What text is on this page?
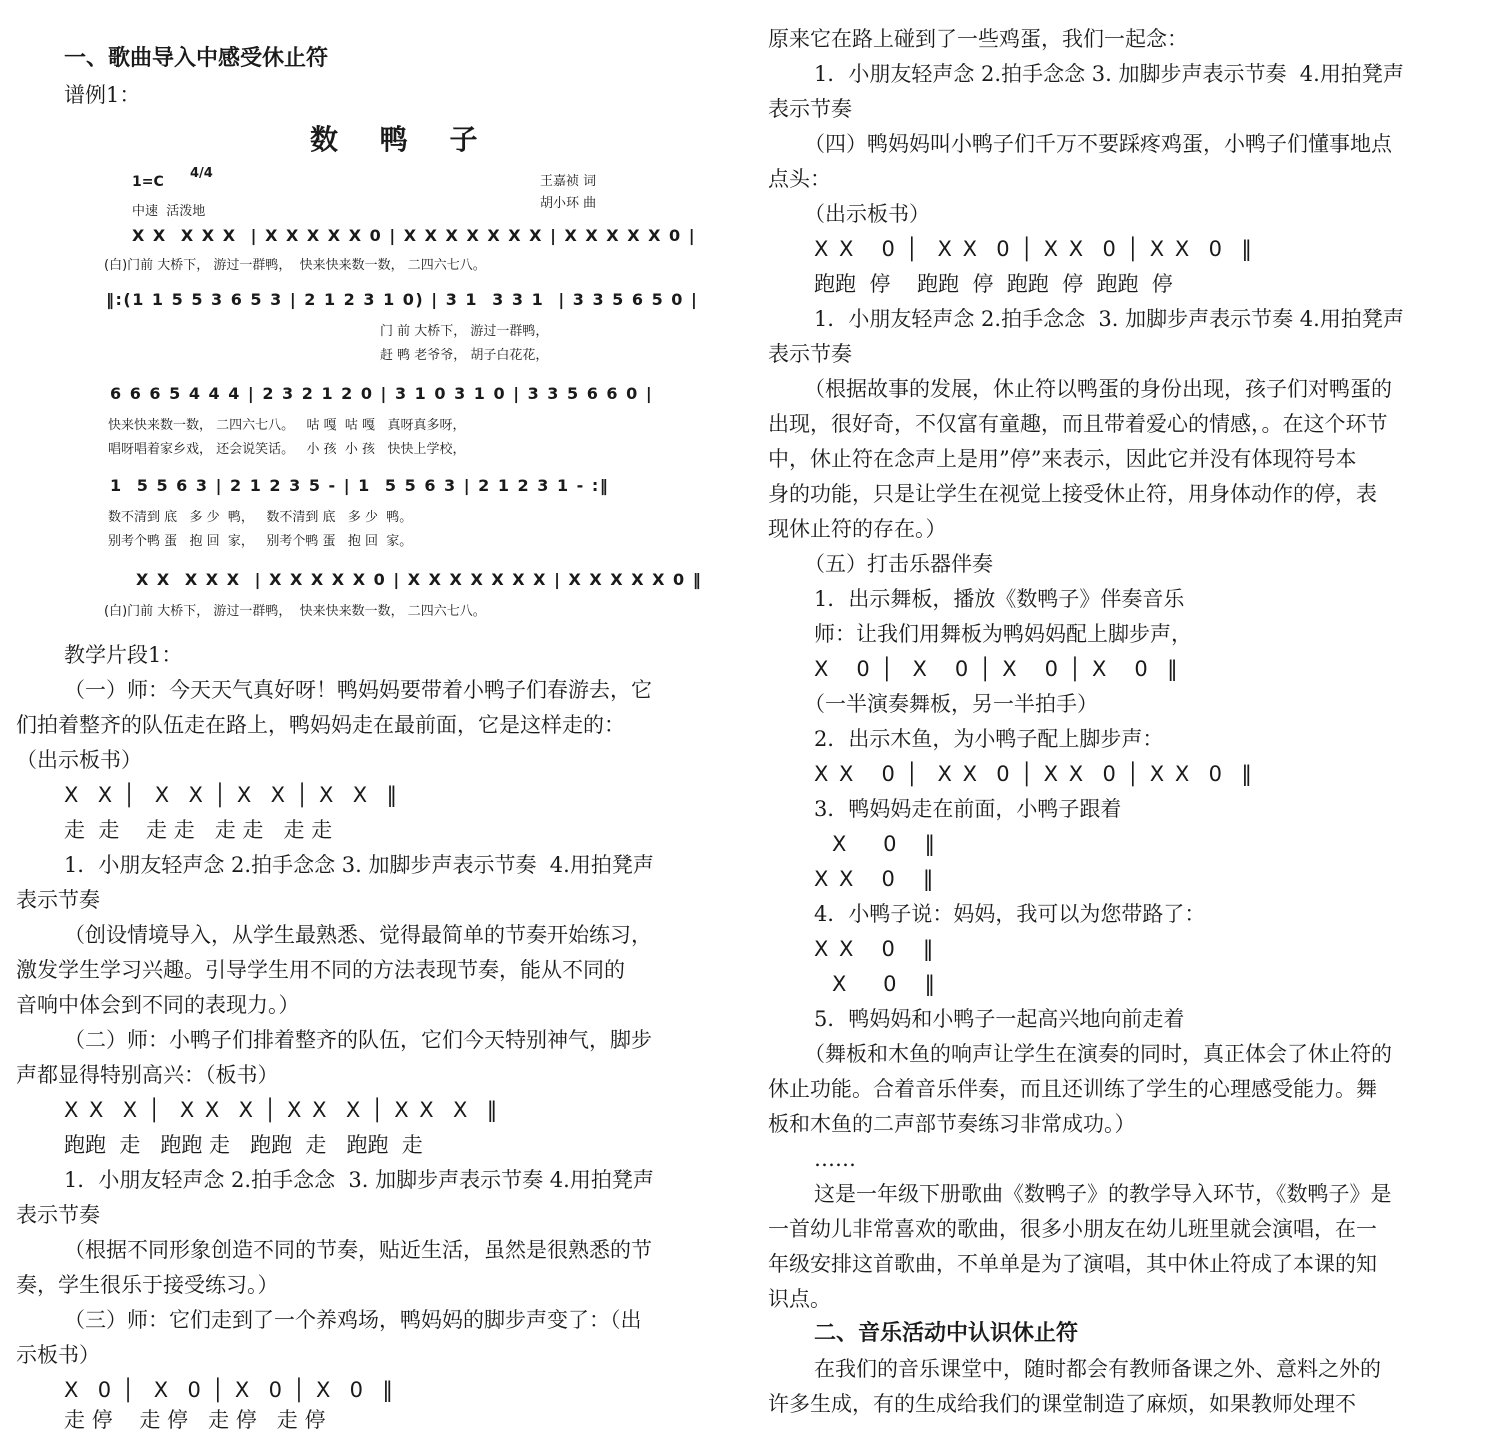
一、歌曲导入中感受休止符
谱例1：
数 鸭 子
1=C
4/4
中速  活泼地
王嘉祯 词
胡小环 曲
X X  X X X  | X X X X X 0 | X X X X X X X | X X X X X 0 |
(白)门前 大桥下， 游过一群鸭，  快来快来数一数， 二四六七八。
‖:(1 1 5 5 3 6 5 3 | 2 1 2 3 1 0) | 3 1  3 3 1  | 3 3 5 6 5 0 |
门 前 大桥下， 游过一群鸭，
赶 鸭 老爷爷， 胡子白花花，
6 6 6 5 4 4 4 | 2 3 2 1 2 0 | 3 1 0 3 1 0 | 3 3 5 6 6 0 |
快来快来数一数， 二四六七八。   咕 嘎  咕 嘎   真呀真多呀，
唱呀唱着家乡戏， 还会说笑话。   小 孩  小 孩   快快上学校，
1  5 5 6 3 | 2 1 2 3 5 - | 1  5 5 6 3 | 2 1 2 3 1 - :‖
数不清到 底   多 少  鸭，   数不清到 底   多 少  鸭。
别考个鸭 蛋   抱 回  家，   别考个鸭 蛋   抱 回  家。
X X  X X X  | X X X X X 0 | X X X X X X X | X X X X X 0 ‖
(白)门前 大桥下， 游过一群鸭，  快来快来数一数， 二四六七八。
教学片段1：
（一）师：今天天气真好呀！鸭妈妈要带着小鸭子们春游去，它
们拍着整齐的队伍走在路上，鸭妈妈走在最前面，它是这样走的：
（出示板书）
X  X │  X  X │ X  X │ X  X  ‖
走  走    走 走   走 走   走 走
1．小朋友轻声念 2.拍手念念 3. 加脚步声表示节奏  4.用拍凳声
表示节奏
（创设情境导入，从学生最熟悉、觉得最简单的节奏开始练习，
激发学生学习兴趣。引导学生用不同的方法表现节奏，能从不同的
音响中体会到不同的表现力。）
（二）师：小鸭子们排着整齐的队伍，它们今天特别神气，脚步
声都显得特别高兴：（板书）
X X  X │  X X  X │ X X  X │ X X  X  ‖
跑跑  走   跑跑 走   跑跑  走   跑跑  走
1．小朋友轻声念 2.拍手念念  3. 加脚步声表示节奏 4.用拍凳声
表示节奏
（根据不同形象创造不同的节奏，贴近生活，虽然是很熟悉的节
奏，学生很乐于接受练习。）
（三）师：它们走到了一个养鸡场，鸭妈妈的脚步声变了：（出
示板书）
X  0 │  X  0 │ X  0 │ X  0  ‖
走 停    走 停   走 停   走 停
原来它在路上碰到了一些鸡蛋，我们一起念：
1．小朋友轻声念 2.拍手念念 3. 加脚步声表示节奏  4.用拍凳声
表示节奏
（四）鸭妈妈叫小鸭子们千万不要踩疼鸡蛋，小鸭子们懂事地点
点头：
（出示板书）
X X   0 │  X X  0 │ X X  0 │ X X  0  ‖
跑跑  停    跑跑  停  跑跑  停  跑跑  停
1．小朋友轻声念 2.拍手念念  3. 加脚步声表示节奏 4.用拍凳声
表示节奏
（根据故事的发展，休止符以鸭蛋的身份出现，孩子们对鸭蛋的
出现，很好奇，不仅富有童趣，而且带着爱心的情感，。在这个环节
中，休止符在念声上是用”停”来表示，因此它并没有体现符号本
身的功能，只是让学生在视觉上接受休止符，用身体动作的停，表
现休止符的存在。）
（五）打击乐器伴奏
1．出示舞板，播放《数鸭子》伴奏音乐
师：让我们用舞板为鸭妈妈配上脚步声，
X   0 │  X   0 │ X   0 │ X   0  ‖
（一半演奏舞板，另一半拍手）
2．出示木鱼，为小鸭子配上脚步声：
X X   0 │  X X  0 │ X X  0 │ X X  0  ‖
3．鸭妈妈走在前面，小鸭子跟着
X    0   ‖
X X   0   ‖
4．小鸭子说：妈妈，我可以为您带路了：
X X   0   ‖
X    0   ‖
5．鸭妈妈和小鸭子一起高兴地向前走着
（舞板和木鱼的响声让学生在演奏的同时，真正体会了休止符的
休止功能。合着音乐伴奏，而且还训练了学生的心理感受能力。舞
板和木鱼的二声部节奏练习非常成功。）
……
这是一年级下册歌曲《数鸭子》的教学导入环节，《数鸭子》是
一首幼儿非常喜欢的歌曲，很多小朋友在幼儿班里就会演唱，在一
年级安排这首歌曲，不单单是为了演唱，其中休止符成了本课的知
识点。
二、音乐活动中认识休止符
在我们的音乐课堂中，随时都会有教师备课之外、意料之外的
许多生成，有的生成给我们的课堂制造了麻烦，如果教师处理不
